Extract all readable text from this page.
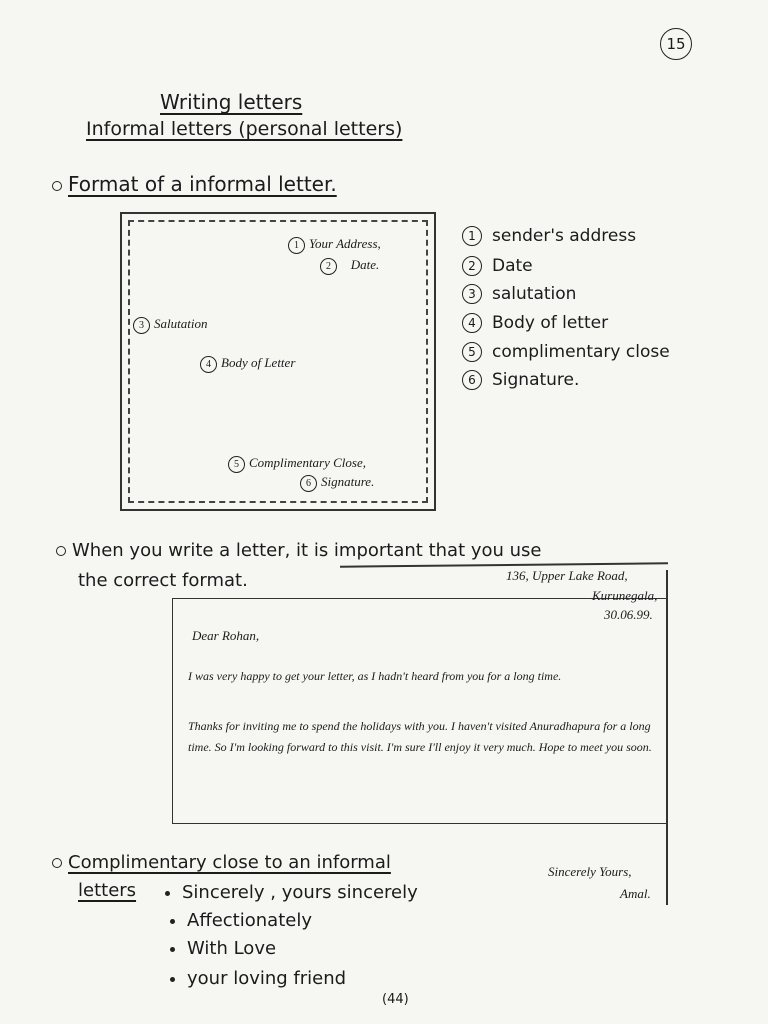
15
Writing letters
Informal letters (personal letters)
Format of a informal letter.
1 Your Address,
2 Date.
3 Salutation
4 Body of Letter
5 Complimentary Close,
6 Signature.
1 sender's address
2 Date
3 salutation
4 Body of letter
5 complimentary close
6 Signature.
When you write a letter, it is important that you use
the correct format.	136, Upper Lake Road,
Kurunegala,
30.06.99.
Dear Rohan,
I was very happy to get your letter, as I hadn't heard from you for a long time.
Thanks for inviting me to spend the holidays with you. I haven't visited Anuradhapura for a long time. So I'm looking forward to this visit. I'm sure I'll enjoy it very much. Hope to meet you soon.
Sincerely Yours,
Amal.
Complimentary close to an informal
letters	Sincerely , yours sincerely
Affectionately
With Love
your loving friend
(44)
